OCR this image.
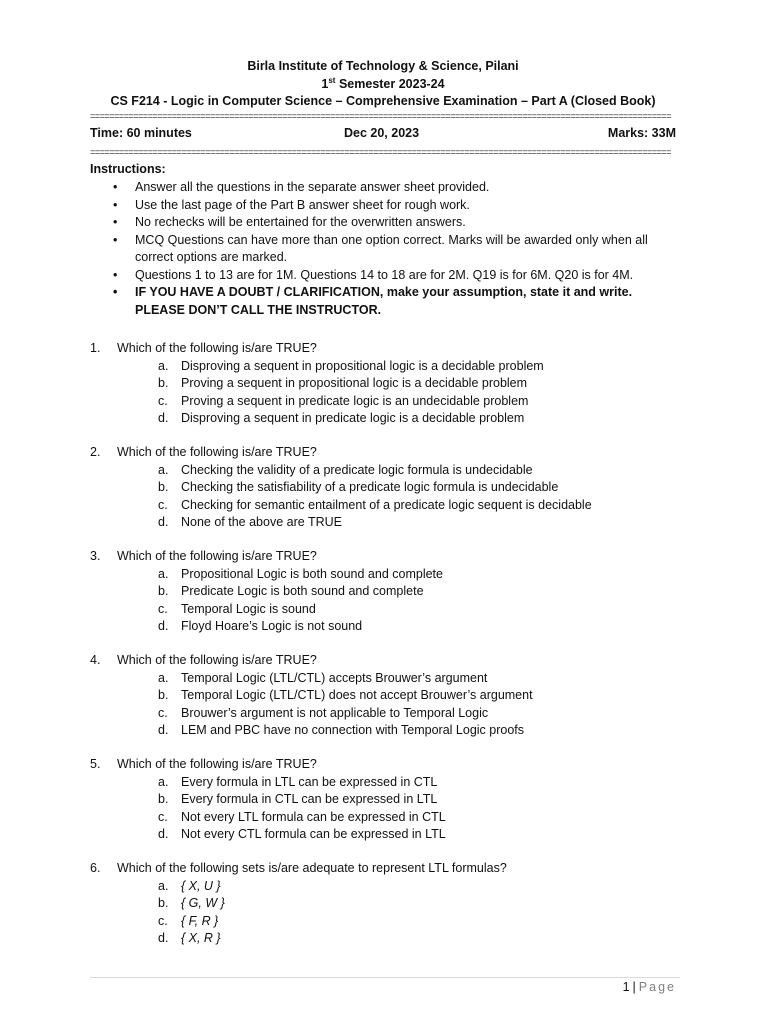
Birla Institute of Technology & Science, Pilani
1st Semester 2023-24
CS F214 - Logic in Computer Science – Comprehensive Examination – Part A (Closed Book)
=========================================================================================================================
Time: 60 minutes	Dec 20, 2023	Marks: 33M
=========================================================================================================================
Instructions:
• Answer all the questions in the separate answer sheet provided.
• Use the last page of the Part B answer sheet for rough work.
• No rechecks will be entertained for the overwritten answers.
• MCQ Questions can have more than one option correct. Marks will be awarded only when all correct options are marked.
• Questions 1 to 13 are for 1M. Questions 14 to 18 are for 2M. Q19 is for 6M. Q20 is for 4M.
• IF YOU HAVE A DOUBT / CLARIFICATION, make your assumption, state it and write. PLEASE DON’T CALL THE INSTRUCTOR.
1. Which of the following is/are TRUE?
a. Disproving a sequent in propositional logic is a decidable problem
b. Proving a sequent in propositional logic is a decidable problem
c. Proving a sequent in predicate logic is an undecidable problem
d. Disproving a sequent in predicate logic is a decidable problem
2. Which of the following is/are TRUE?
a. Checking the validity of a predicate logic formula is undecidable
b. Checking the satisfiability of a predicate logic formula is undecidable
c. Checking for semantic entailment of a predicate logic sequent is decidable
d. None of the above are TRUE
3. Which of the following is/are TRUE?
a. Propositional Logic is both sound and complete
b. Predicate Logic is both sound and complete
c. Temporal Logic is sound
d. Floyd Hoare’s Logic is not sound
4. Which of the following is/are TRUE?
a. Temporal Logic (LTL/CTL) accepts Brouwer’s argument
b. Temporal Logic (LTL/CTL) does not accept Brouwer’s argument
c. Brouwer’s argument is not applicable to Temporal Logic
d. LEM and PBC have no connection with Temporal Logic proofs
5. Which of the following is/are TRUE?
a. Every formula in LTL can be expressed in CTL
b. Every formula in CTL can be expressed in LTL
c. Not every LTL formula can be expressed in CTL
d. Not every CTL formula can be expressed in LTL
6. Which of the following sets is/are adequate to represent LTL formulas?
a. { X, U }
b. { G, W }
c. { F, R }
d. { X, R }
1 | Page
